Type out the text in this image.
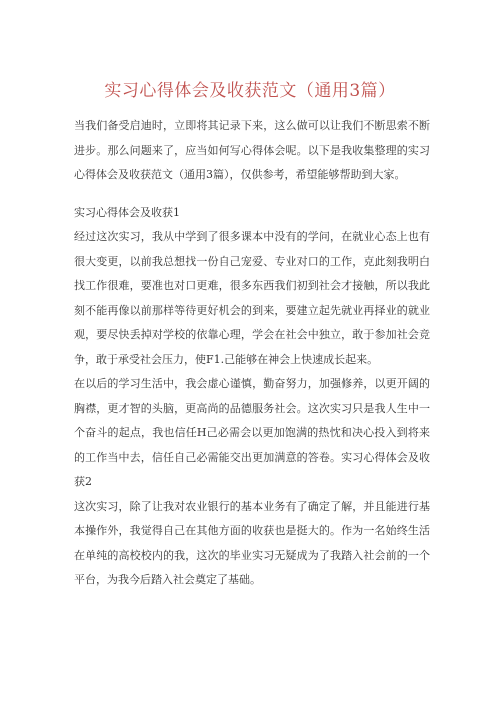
实习心得体会及收获范文（通用3篇）

当我们备受启迪时，立即将其记录下来，这么做可以让我们不断思索不断进步。那么问题来了，应当如何写心得体会呢。以下是我收集整理的实习心得体会及收获范文（通用3篇），仅供参考，希望能够帮助到大家。

实习心得体会及收获1

经过这次实习，我从中学到了很多课本中没有的学问，在就业心态上也有很大变更，以前我总想找一份自己宠爱、专业对口的工作，克此刻我明白找工作很难，要准也对口更难，很多东西我们初到社会才接触，所以我此刻不能再像以前那样等待更好机会的到来，要建立起先就业再择业的就业观，要尽快丢掉对学校的依靠心理，学会在社会中独立，敢于参加社会竞争，敢于承受社会压力，使F1.己能够在神会上快速成长起来。

在以后的学习生活中，我会虚心谨慎，勤奋努力，加强修养，以更开阔的胸襟，更才智的头脑，更高尚的品德服务社会。这次实习只是我人生中一个奋斗的起点，我也信任H己必需会以更加饱满的热忱和决心投入到将来的工作当中去，信任自己必需能交出更加满意的答卷。实习心得体会及收获2

这次实习，除了让我对农业银行的基本业务有了确定了解，并且能进行基本操作外，我觉得自己在其他方面的收获也是挺大的。作为一名始终生活在单纯的高校校内的我，这次的毕业实习无疑成为了我踏入社会前的一个平台，为我今后踏入社会奠定了基础。
